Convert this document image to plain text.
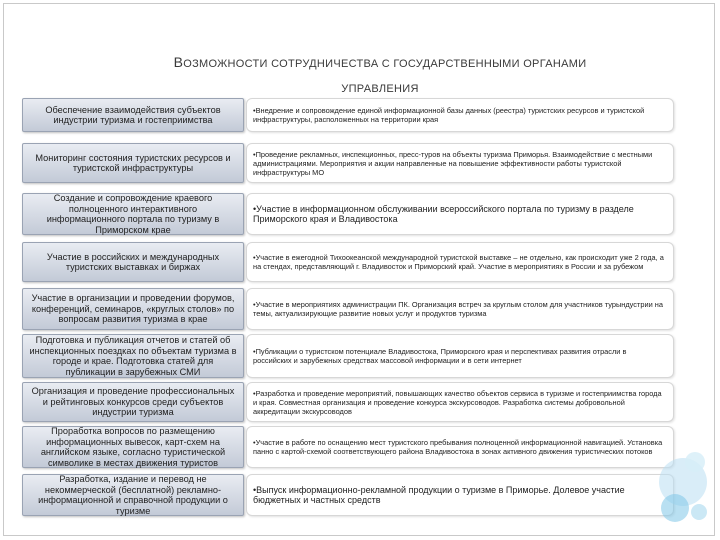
ВОЗМОЖНОСТИ СОТРУДНИЧЕСТВА С ГОСУДАРСТВЕННЫМИ ОРГАНАМИ
УПРАВЛЕНИЯ
Обеспечение взаимодействия субъектов индустрии туризма и гостеприимства
•Внедрение и сопровождение единой информационной базы данных (реестра) туристских ресурсов и туристской инфраструктуры, расположенных на территории края
Мониторинг состояния туристских ресурсов и туристской инфраструктуры
•Проведение рекламных, инспекционных, пресс-туров на объекты туризма Приморья. Взаимодействие с местными администрациями. Мероприятия и акции направленные на повышение эффективности работы туристской инфраструктуры МО
Создание и сопровождение краевого полноценного интерактивного информационного портала по туризму в Приморском крае
•Участие в информационном обслуживании всероссийского портала по туризму в разделе Приморского края и Владивостока
Участие в российских и международных туристских выставках и биржах
•Участие в ежегодной Тихоокеанской международной туристской выставке – не отдельно, как происходит уже 2 года, а на стендах, представляющий г. Владивосток и Приморский край. Участие в мероприятиях в России и за рубежом
Участие в организации и проведении форумов, конференций, семинаров, «круглых столов» по вопросам развития туризма в крае
•Участие в мероприятиях администрации ПК. Организация встреч за круглым столом для участников турындустрии на темы, актуализирующие развитие новых услуг и продуктов туризма
Подготовка и публикация отчетов и статей об инспекционных поездках по объектам туризма в городе и крае. Подготовка статей для публикации в зарубежных СМИ
•Публикации о туристском потенциале Владивостока, Приморского края и перспективах развития отрасли в российских и зарубежных средствах массовой информации и в сети интернет
Организация и проведение профессиональных и рейтинговых конкурсов среди субъектов индустрии туризма
•Разработка и проведение мероприятий, повышающих качество объектов сервиса в туризме и гостеприимства города и края. Совместная организация и проведение конкурса экскурсоводов. Разработка системы добровольной аккредитации экскурсоводов
Проработка вопросов по размещению информационных вывесок, карт-схем на английском языке, согласно туристической символике в местах движения туристов
•Участие в работе по оснащению мест туристского пребывания полноценной информационной навигацией. Установка панно с картой-схемой соответствующего района Владивостока в зонах активного движения туристических потоков
Разработка, издание и перевод не некоммерческой (бесплатной) рекламно-информационной и справочной продукции о туризме
•Выпуск информационно-рекламной продукции о туризме в Приморье. Долевое участие бюджетных и частных средств
